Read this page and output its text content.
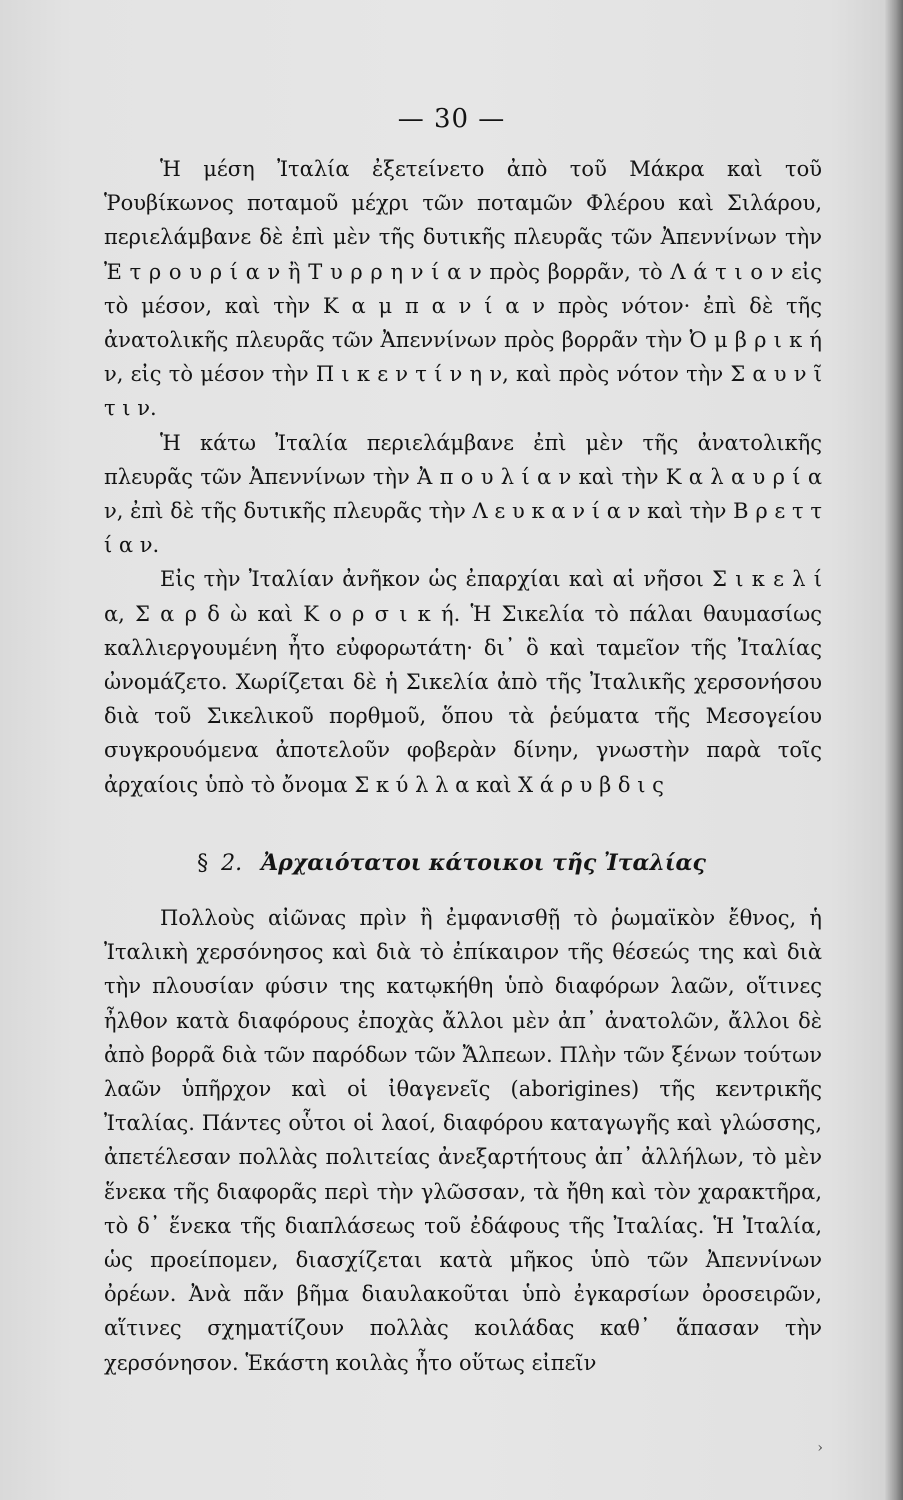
— 30 —

Ἡ μέση Ἰταλία ἐξετείνετο ἀπὸ τοῦ Μάκρα καὶ τοῦ Ῥουβίκωνος ποταμοῦ μέχρι τῶν ποταμῶν Φλέρου καὶ Σιλάρου, περιελάμβανε δὲ ἐπὶ μὲν τῆς δυτικῆς πλευρᾶς τῶν Ἀπεννίνων τὴν Ἐ τ ρ ο υ ρ ί α ν ἢ Τ υ ρ ρ η ν ί α ν πρὸς βορρᾶν, τὸ Λ ά τ ι ο ν εἰς τὸ μέσον, καὶ τὴν Κ α μ π α ν ί α ν πρὸς νότον· ἐπὶ δὲ τῆς ἀνατολικῆς πλευρᾶς τῶν Ἀπεννίνων πρὸς βορρᾶν τὴν Ὀ μ β ρ ι κ ή ν, εἰς τὸ μέσον τὴν Π ι κ ε ν τ ί ν η ν, καὶ πρὸς νότον τὴν Σ α υ ν ῖ τ ι ν.

Ἡ κάτω Ἰταλία περιελάμβανε ἐπὶ μὲν τῆς ἀνατολικῆς πλευρᾶς τῶν Ἀπεννίνων τὴν Ἀ π ο υ λ ί α ν καὶ τὴν Κ α λ α υ ρ ί α ν, ἐπὶ δὲ τῆς δυτικῆς πλευρᾶς τὴν Λ ε υ κ α ν ί α ν καὶ τὴν Β ρ ε τ τ ί α ν.

Εἰς τὴν Ἰταλίαν ἀνῆκον ὡς ἐπαρχίαι καὶ αἱ νῆσοι Σ ι κ ε λ ί α, Σ α ρ δ ὼ καὶ Κ ο ρ σ ι κ ή. Ἡ Σικελία τὸ πάλαι θαυμασίως καλλιεργουμένη ἦτο εὐφορωτάτη· δι᾽ ὃ καὶ ταμεῖον τῆς Ἰταλίας ὠνομάζετο. Χωρίζεται δὲ ἡ Σικελία ἀπὸ τῆς Ἰταλικῆς χερσονήσου διὰ τοῦ Σικελικοῦ πορθμοῦ, ὅπου τὰ ῥεύματα τῆς Μεσογείου συγκρουόμενα ἀποτελοῦν φοβερὰν δίνην, γνωστὴν παρὰ τοῖς ἀρχαίοις ὑπὸ τὸ ὄνομα Σ κ ύ λ λ α καὶ Χ ά ρ υ β δ ι ς

§ 2. Ἀρχαιότατοι κάτοικοι τῆς Ἰταλίας

Πολλοὺς αἰῶνας πρὶν ἢ ἐμφανισθῇ τὸ ῥωμαϊκὸν ἔθνος, ἡ Ἰταλικὴ χερσόνησος καὶ διὰ τὸ ἐπίκαιρον τῆς θέσεώς της καὶ διὰ τὴν πλουσίαν φύσιν της κατῳκήθη ὑπὸ διαφόρων λαῶν, οἵτινες ἦλθον κατὰ διαφόρους ἐποχὰς ἄλλοι μὲν ἀπ᾽ ἀνατολῶν, ἄλλοι δὲ ἀπὸ βορρᾶ διὰ τῶν παρόδων τῶν Ἄλπεων. Πλὴν τῶν ξένων τούτων λαῶν ὑπῆρχον καὶ οἱ ἰθαγενεῖς (aborigines) τῆς κεντρικῆς Ἰταλίας. Πάντες οὗτοι οἱ λαοί, διαφόρου καταγωγῆς καὶ γλώσσης, ἀπετέλεσαν πολλὰς πολιτείας ἀνεξαρτήτους ἀπ᾽ ἀλλήλων, τὸ μὲν ἕνεκα τῆς διαφορᾶς περὶ τὴν γλῶσσαν, τὰ ἤθη καὶ τὸν χαρακτῆρα, τὸ δ᾽ ἕνεκα τῆς διαπλάσεως τοῦ ἐδάφους τῆς Ἰταλίας. Ἡ Ἰταλία, ὡς προείπομεν, διασχίζεται κατὰ μῆκος ὑπὸ τῶν Ἀπεννίνων ὀρέων. Ἀνὰ πᾶν βῆμα διαυλακοῦται ὑπὸ ἐγκαρσίων ὀροσειρῶν, αἵτινες σχηματίζουν πολλὰς κοιλάδας καθ᾽ ἅπασαν τὴν χερσόνησον. Ἑκάστη κοιλὰς ἦτο οὕτως εἰπεῖν

›
